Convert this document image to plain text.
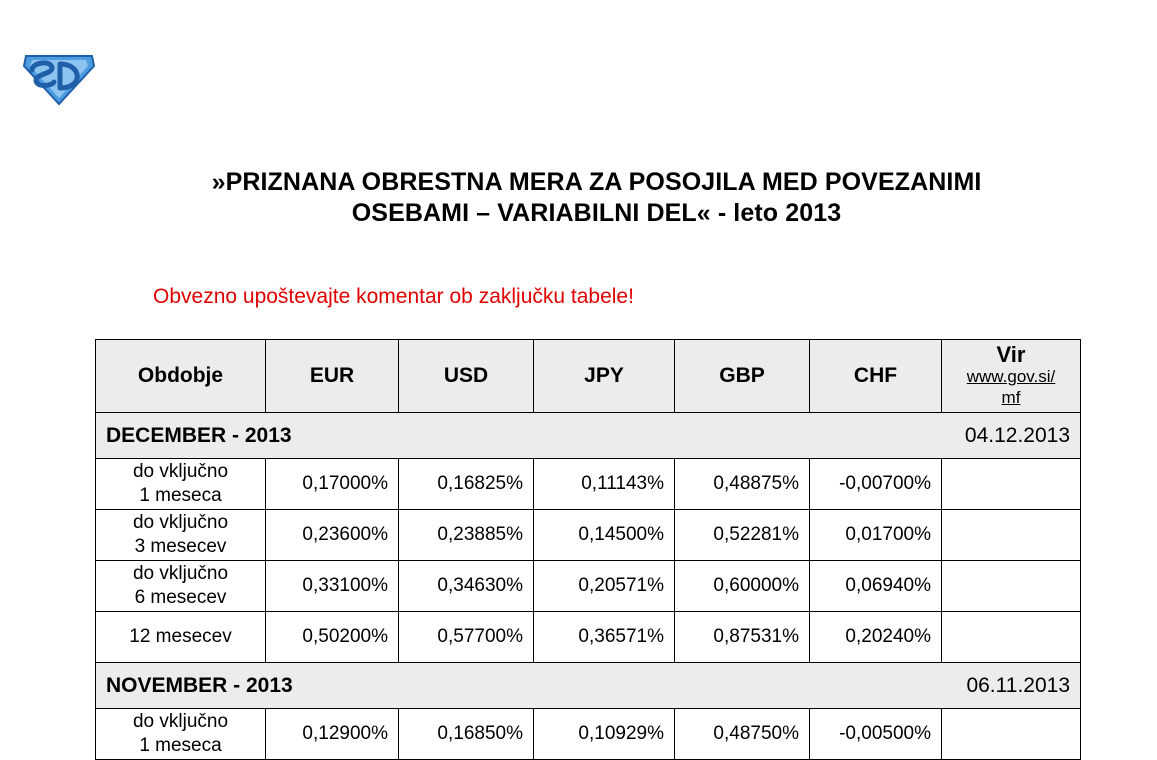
»PRIZNANA OBRESTNA MERA ZA POSOJILA MED POVEZANIMI
OSEBAMI – VARIABILNI DEL« - leto 2013
Obvezno upoštevajte komentar ob zaključku tabele!
Obdobje	EUR	USD	JPY	GBP	CHF	Vir
www.gov.si/
mf

DECEMBER - 2013						04.12.2013
do vključno
1 meseca	0,17000%	0,16825%	0,11143%	0,48875%	-0,00700%	
do vključno
3 mesecev	0,23600%	0,23885%	0,14500%	0,52281%	0,01700%	
do vključno
6 mesecev	0,33100%	0,34630%	0,20571%	0,60000%	0,06940%	
12 mesecev	0,50200%	0,57700%	0,36571%	0,87531%	0,20240%	
NOVEMBER - 2013						06.11.2013
do vključno
1 meseca	0,12900%	0,16850%	0,10929%	0,48750%	-0,00500%	
